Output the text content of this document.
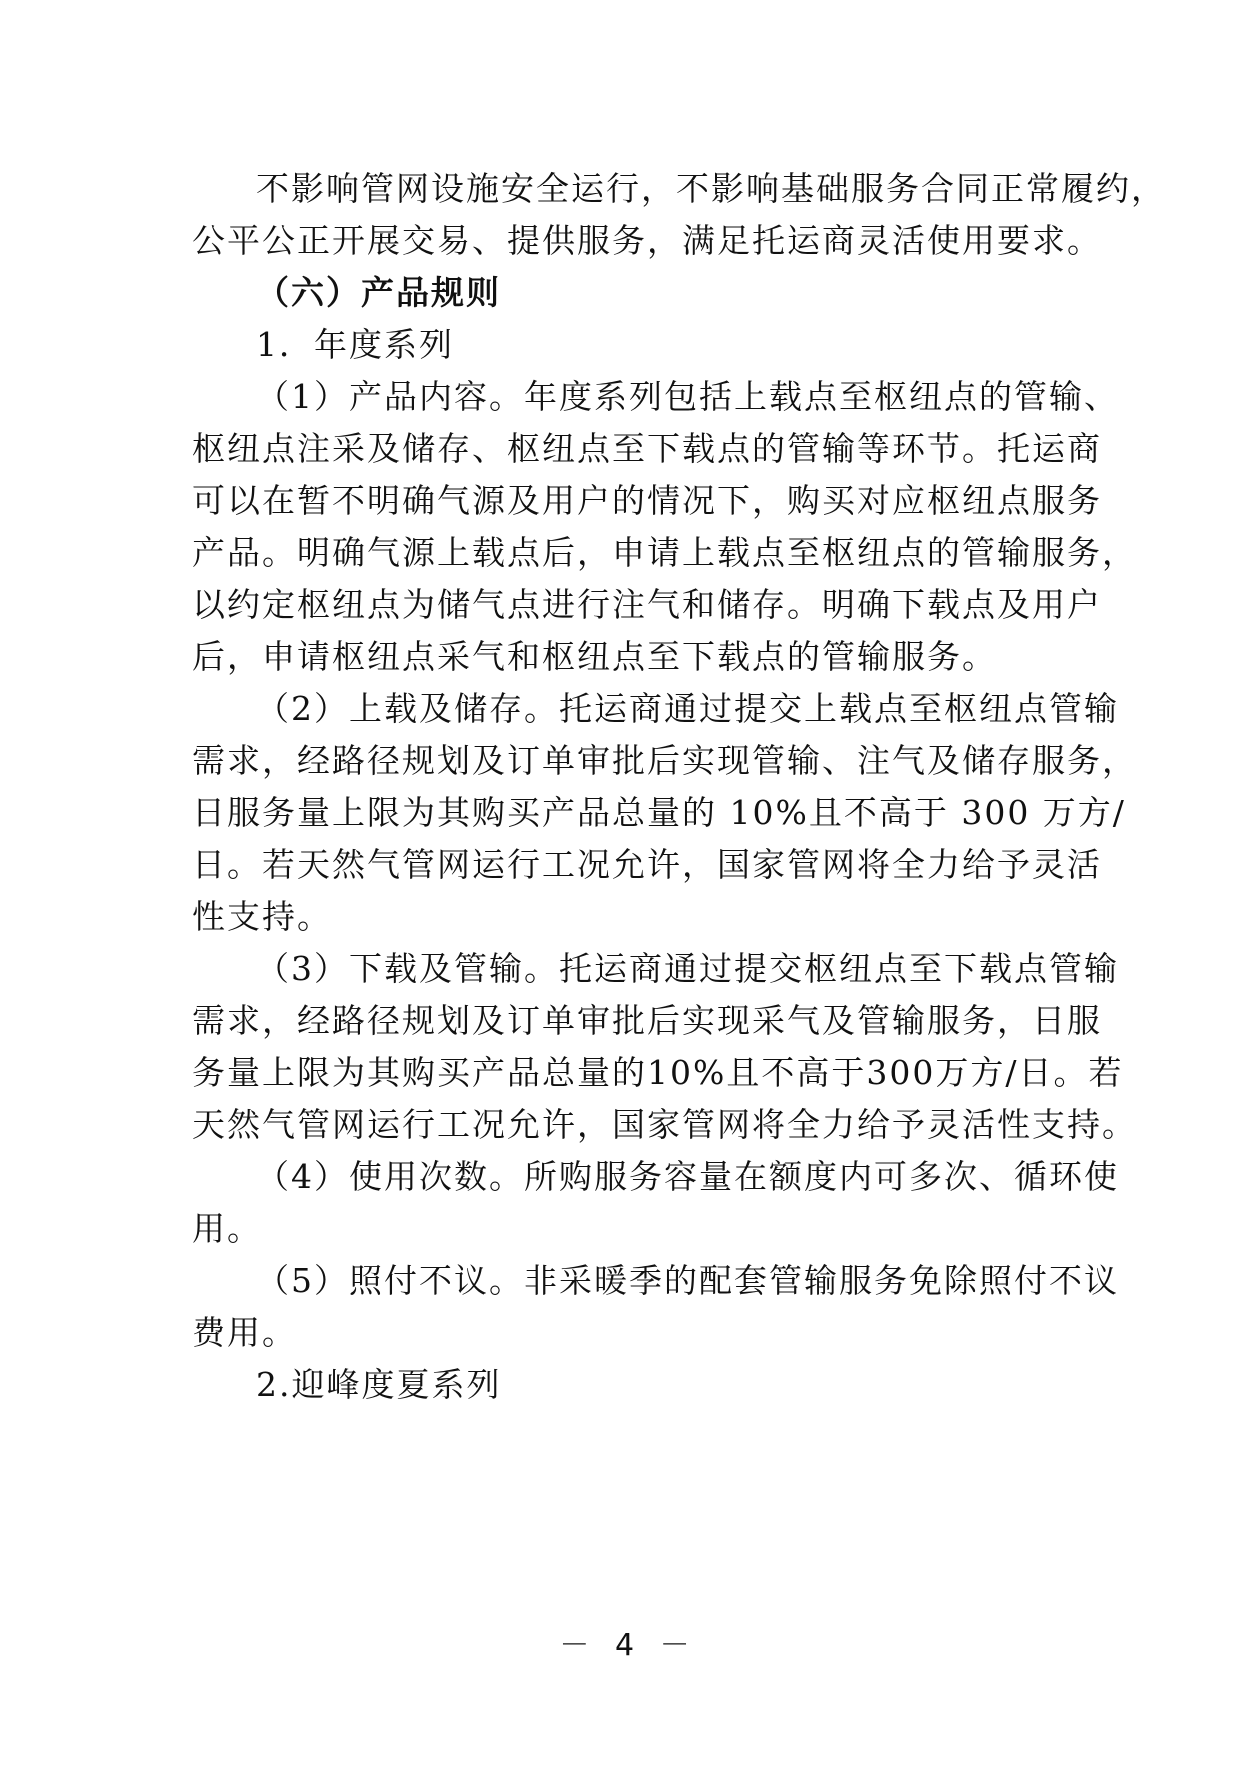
不影响管网设施安全运行，不影响基础服务合同正常履约，
公平公正开展交易、提供服务，满足托运商灵活使用要求。
（六）产品规则
1．年度系列
（1）产品内容。年度系列包括上载点至枢纽点的管输、
枢纽点注采及储存、枢纽点至下载点的管输等环节。托运商
可以在暂不明确气源及用户的情况下，购买对应枢纽点服务
产品。明确气源上载点后，申请上载点至枢纽点的管输服务，
以约定枢纽点为储气点进行注气和储存。明确下载点及用户
后，申请枢纽点采气和枢纽点至下载点的管输服务。
（2）上载及储存。托运商通过提交上载点至枢纽点管输
需求，经路径规划及订单审批后实现管输、注气及储存服务，
日服务量上限为其购买产品总量的 10%且不高于 300 万方/
日。若天然气管网运行工况允许，国家管网将全力给予灵活
性支持。
（3）下载及管输。托运商通过提交枢纽点至下载点管输
需求，经路径规划及订单审批后实现采气及管输服务，日服
务量上限为其购买产品总量的10%且不高于300万方/日。若
天然气管网运行工况允许，国家管网将全力给予灵活性支持。
（4）使用次数。所购服务容量在额度内可多次、循环使
用。
（5）照付不议。非采暖季的配套管输服务免除照付不议
费用。
2.迎峰度夏系列
－ 4 －
